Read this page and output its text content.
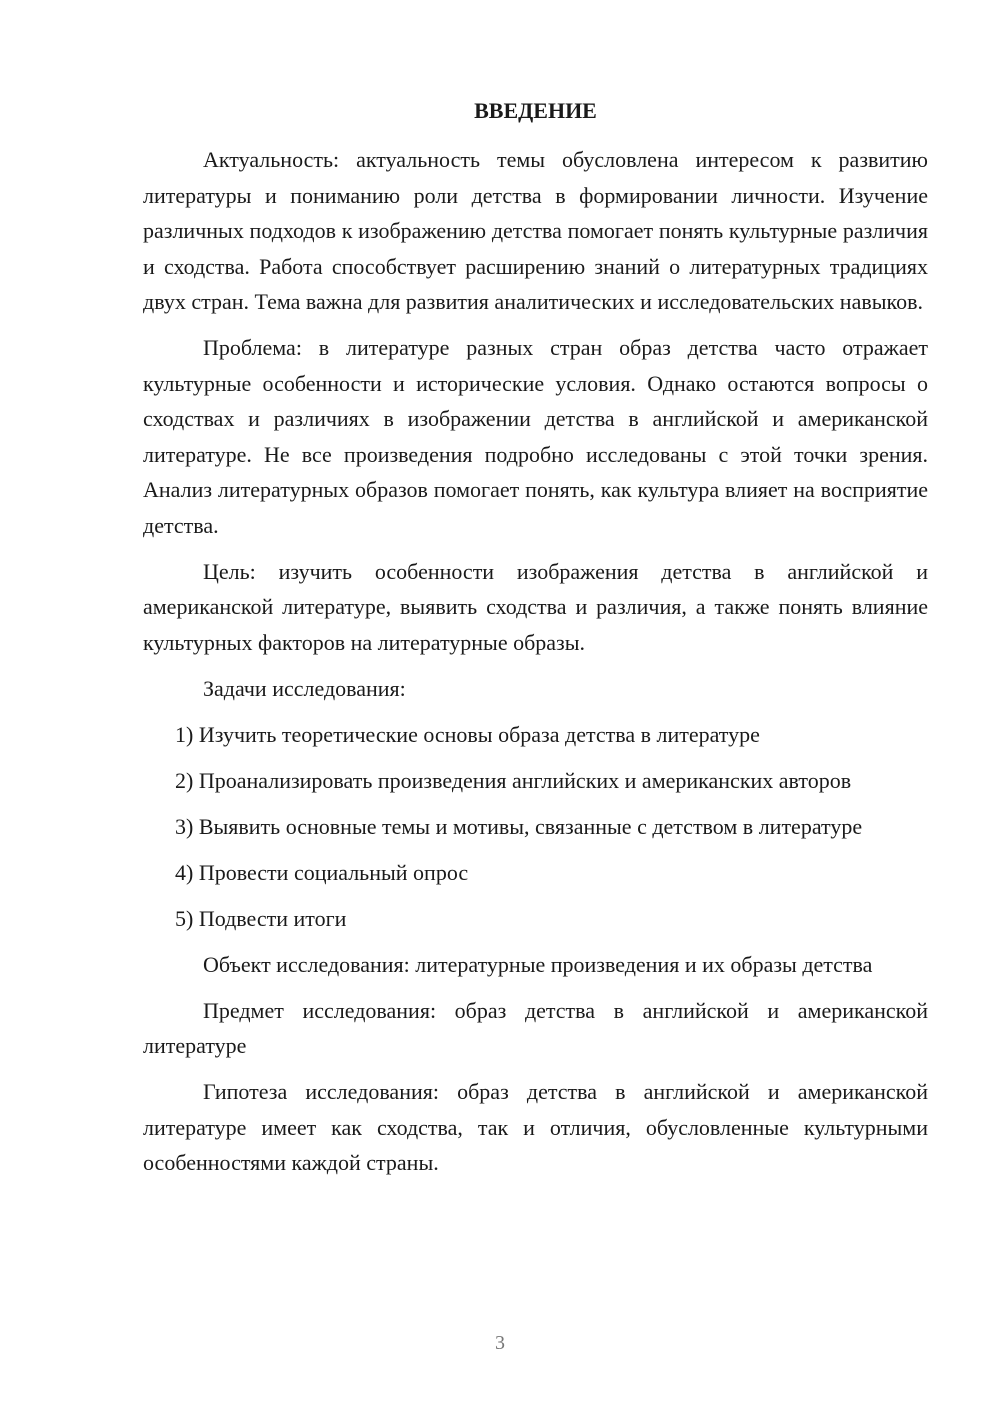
ВВЕДЕНИЕ

Актуальность: актуальность темы обусловлена интересом к развитию литературы и пониманию роли детства в формировании личности. Изучение различных подходов к изображению детства помогает понять культурные различия и сходства. Работа способствует расширению знаний о литературных традициях двух стран. Тема важна для развития аналитических и исследовательских навыков.

Проблема: в литературе разных стран образ детства часто отражает культурные особенности и исторические условия. Однако остаются вопросы о сходствах и различиях в изображении детства в английской и американской литературе. Не все произведения подробно исследованы с этой точки зрения. Анализ литературных образов помогает понять, как культура влияет на восприятие детства.

Цель: изучить особенности изображения детства в английской и американской литературе, выявить сходства и различия, а также понять влияние культурных факторов на литературные образы.

Задачи исследования:

1) Изучить теоретические основы образа детства в литературе

2) Проанализировать произведения английских и американских авторов

3) Выявить основные темы и мотивы, связанные с детством в литературе

4) Провести социальный опрос

5) Подвести итоги

Объект исследования: литературные произведения и их образы детства

Предмет исследования: образ детства в английской и американской литературе

Гипотеза исследования: образ детства в английской и американской литературе имеет как сходства, так и отличия, обусловленные культурными особенностями каждой страны.

3
